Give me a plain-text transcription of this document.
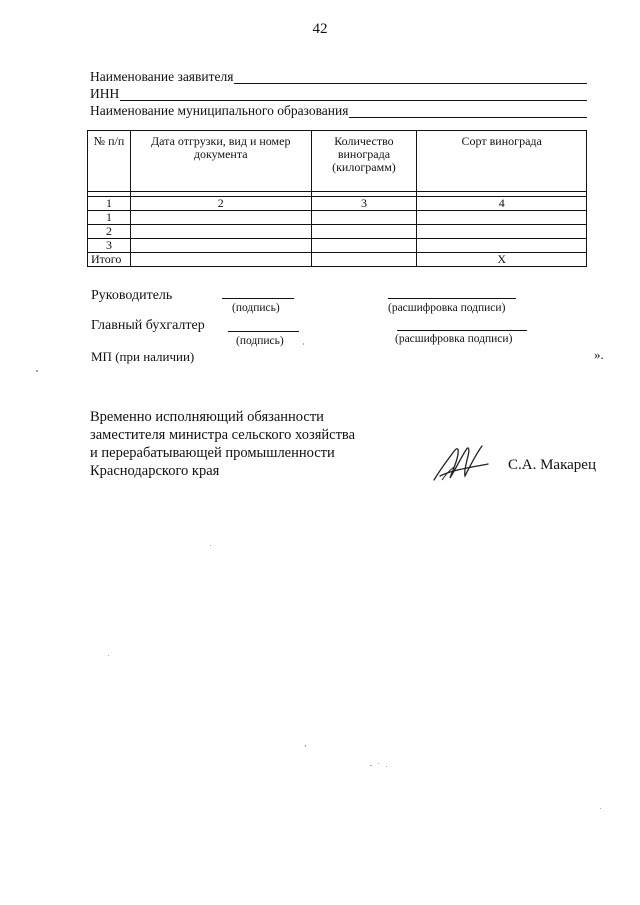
42
Наименование заявителя
ИНН
Наименование муниципального образования
№ п/п	Дата отгрузки, вид и номер документа	Количество винограда (килограмм)	Сорт винограда

1	2	3	4
1			
2			
3			
Итого			Х
Руководитель
(подпись)	(расшифровка подписи)
Главный бухгалтер
(подпись)	(расшифровка подписи)
МП (при наличии)	».
Временно исполняющий обязанности
заместителя министра сельского хозяйства
и перерабатывающей промышленности
Краснодарского края	С.А. Макарец
